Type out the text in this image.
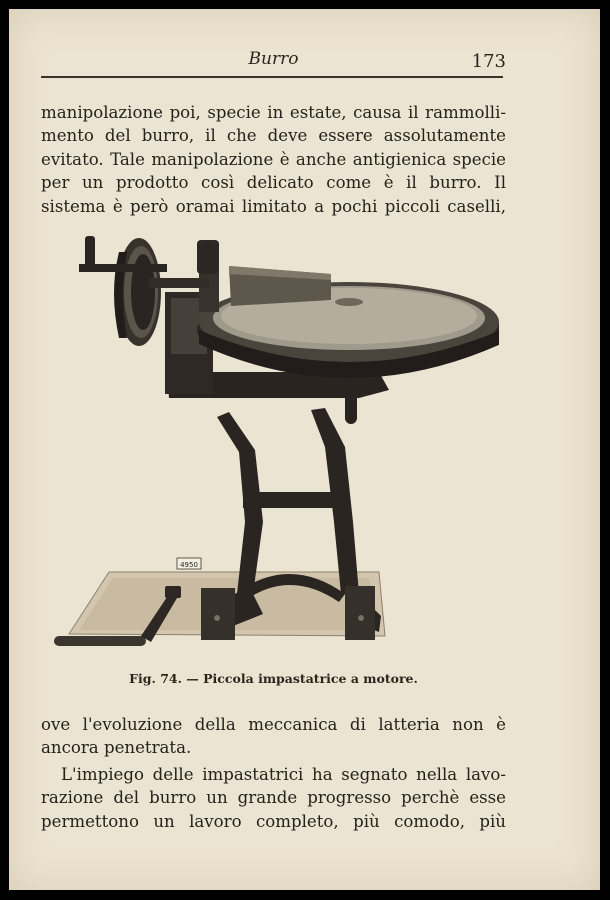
Burro	173
manipolazione poi, specie in estate, causa il rammolli-
mento del burro, il che deve essere assolutamente
evitato. Tale manipolazione è anche antigienica specie
per un prodotto così delicato come è il burro. Il
sistema è però oramai limitato a pochi piccoli caselli,
4950
Fig. 74. — Piccola impastatrice a motore.
ove l'evoluzione della meccanica di latteria non è
ancora penetrata.
L'impiego delle impastatrici ha segnato nella lavo-
razione del burro un grande progresso perchè esse
permettono un lavoro completo, più comodo, più
